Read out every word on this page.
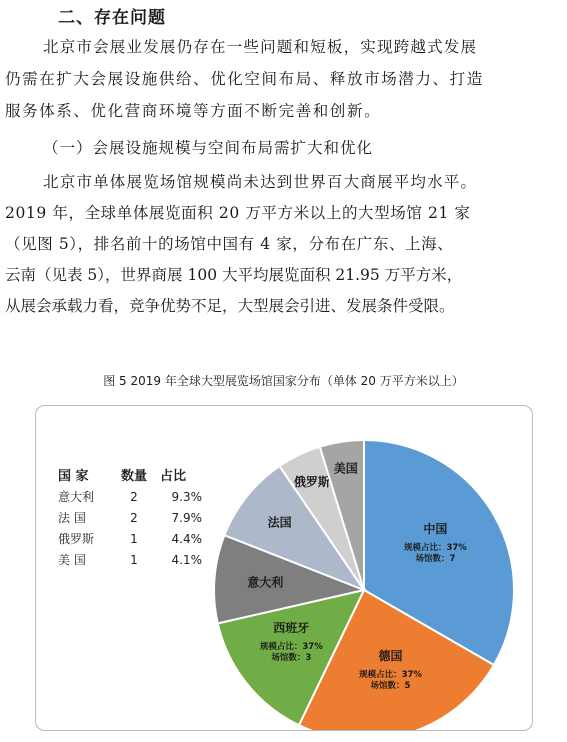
二、存在问题
北京市会展业发展仍存在一些问题和短板，实现跨越式发展
仍需在扩大会展设施供给、优化空间布局、释放市场潜力、打造
服务体系、优化营商环境等方面不断完善和创新。
（一）会展设施规模与空间布局需扩大和优化
北京市单体展览场馆规模尚未达到世界百大商展平均水平。
2019 年，全球单体展览面积 20 万平方米以上的大型场馆 21 家
（见图 5），排名前十的场馆中国有 4 家，分布在广东、上海、
云南（见表 5），世界商展 100 大平均展览面积 21.95 万平方米，
从展会承载力看，竞争优势不足，大型展会引进、发展条件受限。
图 5 2019 年全球大型展览场馆国家分布（单体 20 万平方米以上）
国 家	数量 占比
意大利	2	9.3%
法 国	2	7.9%
俄罗斯	1	4.4%
美 国	1	4.1%
中国
规模占比：37%
场馆数：7
德国
规模占比：37%
场馆数：5
西班牙
规模占比：37%
场馆数：3
意大利
法国
俄罗斯
美国
